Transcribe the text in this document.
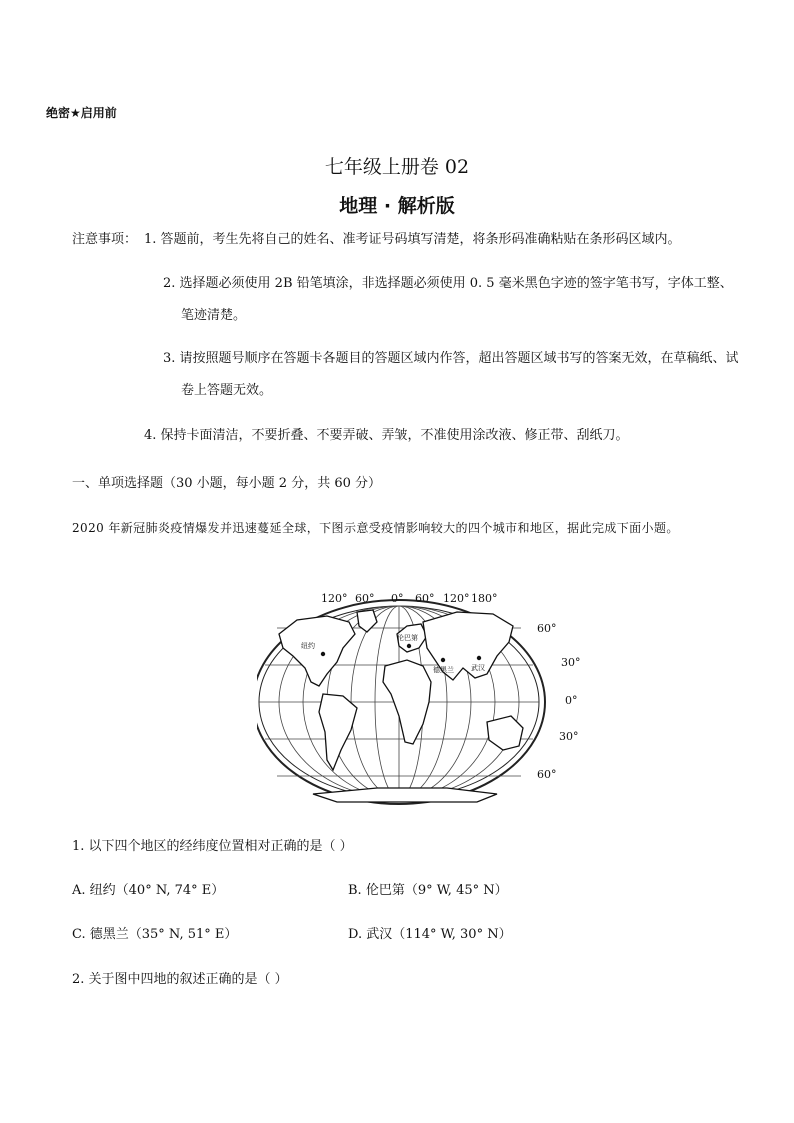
绝密★启用前
七年级上册卷 02
地理 · 解析版
注意事项： 1. 答题前，考生先将自己的姓名、准考证号码填写清楚，将条形码准确粘贴在条形码区域内。
2. 选择题必须使用 2B 铅笔填涂，非选择题必须使用 0. 5 毫米黑色字迹的签字笔书写，字体工整、笔迹清楚。
3. 请按照题号顺序在答题卡各题目的答题区域内作答，超出答题区域书写的答案无效，在草稿纸、试卷上答题无效。
4. 保持卡面清洁，不要折叠、不要弄破、弄皱，不准使用涂改液、修正带、刮纸刀。
一、单项选择题（30 小题，每小题 2 分，共 60 分）
2020 年新冠肺炎疫情爆发并迅速蔓延全球，下图示意受疫情影响较大的四个城市和地区，据此完成下面小题。
纽约
伦巴第
德黑兰 武汉
120° 60° 0° 60° 120° 180°
60°
30°
0°
30°
60°
1. 以下四个地区的经纬度位置相对正确的是（ ）
A. 纽约（40° N, 74° E）	B. 伦巴第（9° W, 45° N）
C. 德黑兰（35° N, 51° E）	D. 武汉（114° W, 30° N）
2. 关于图中四地的叙述正确的是（ ）
